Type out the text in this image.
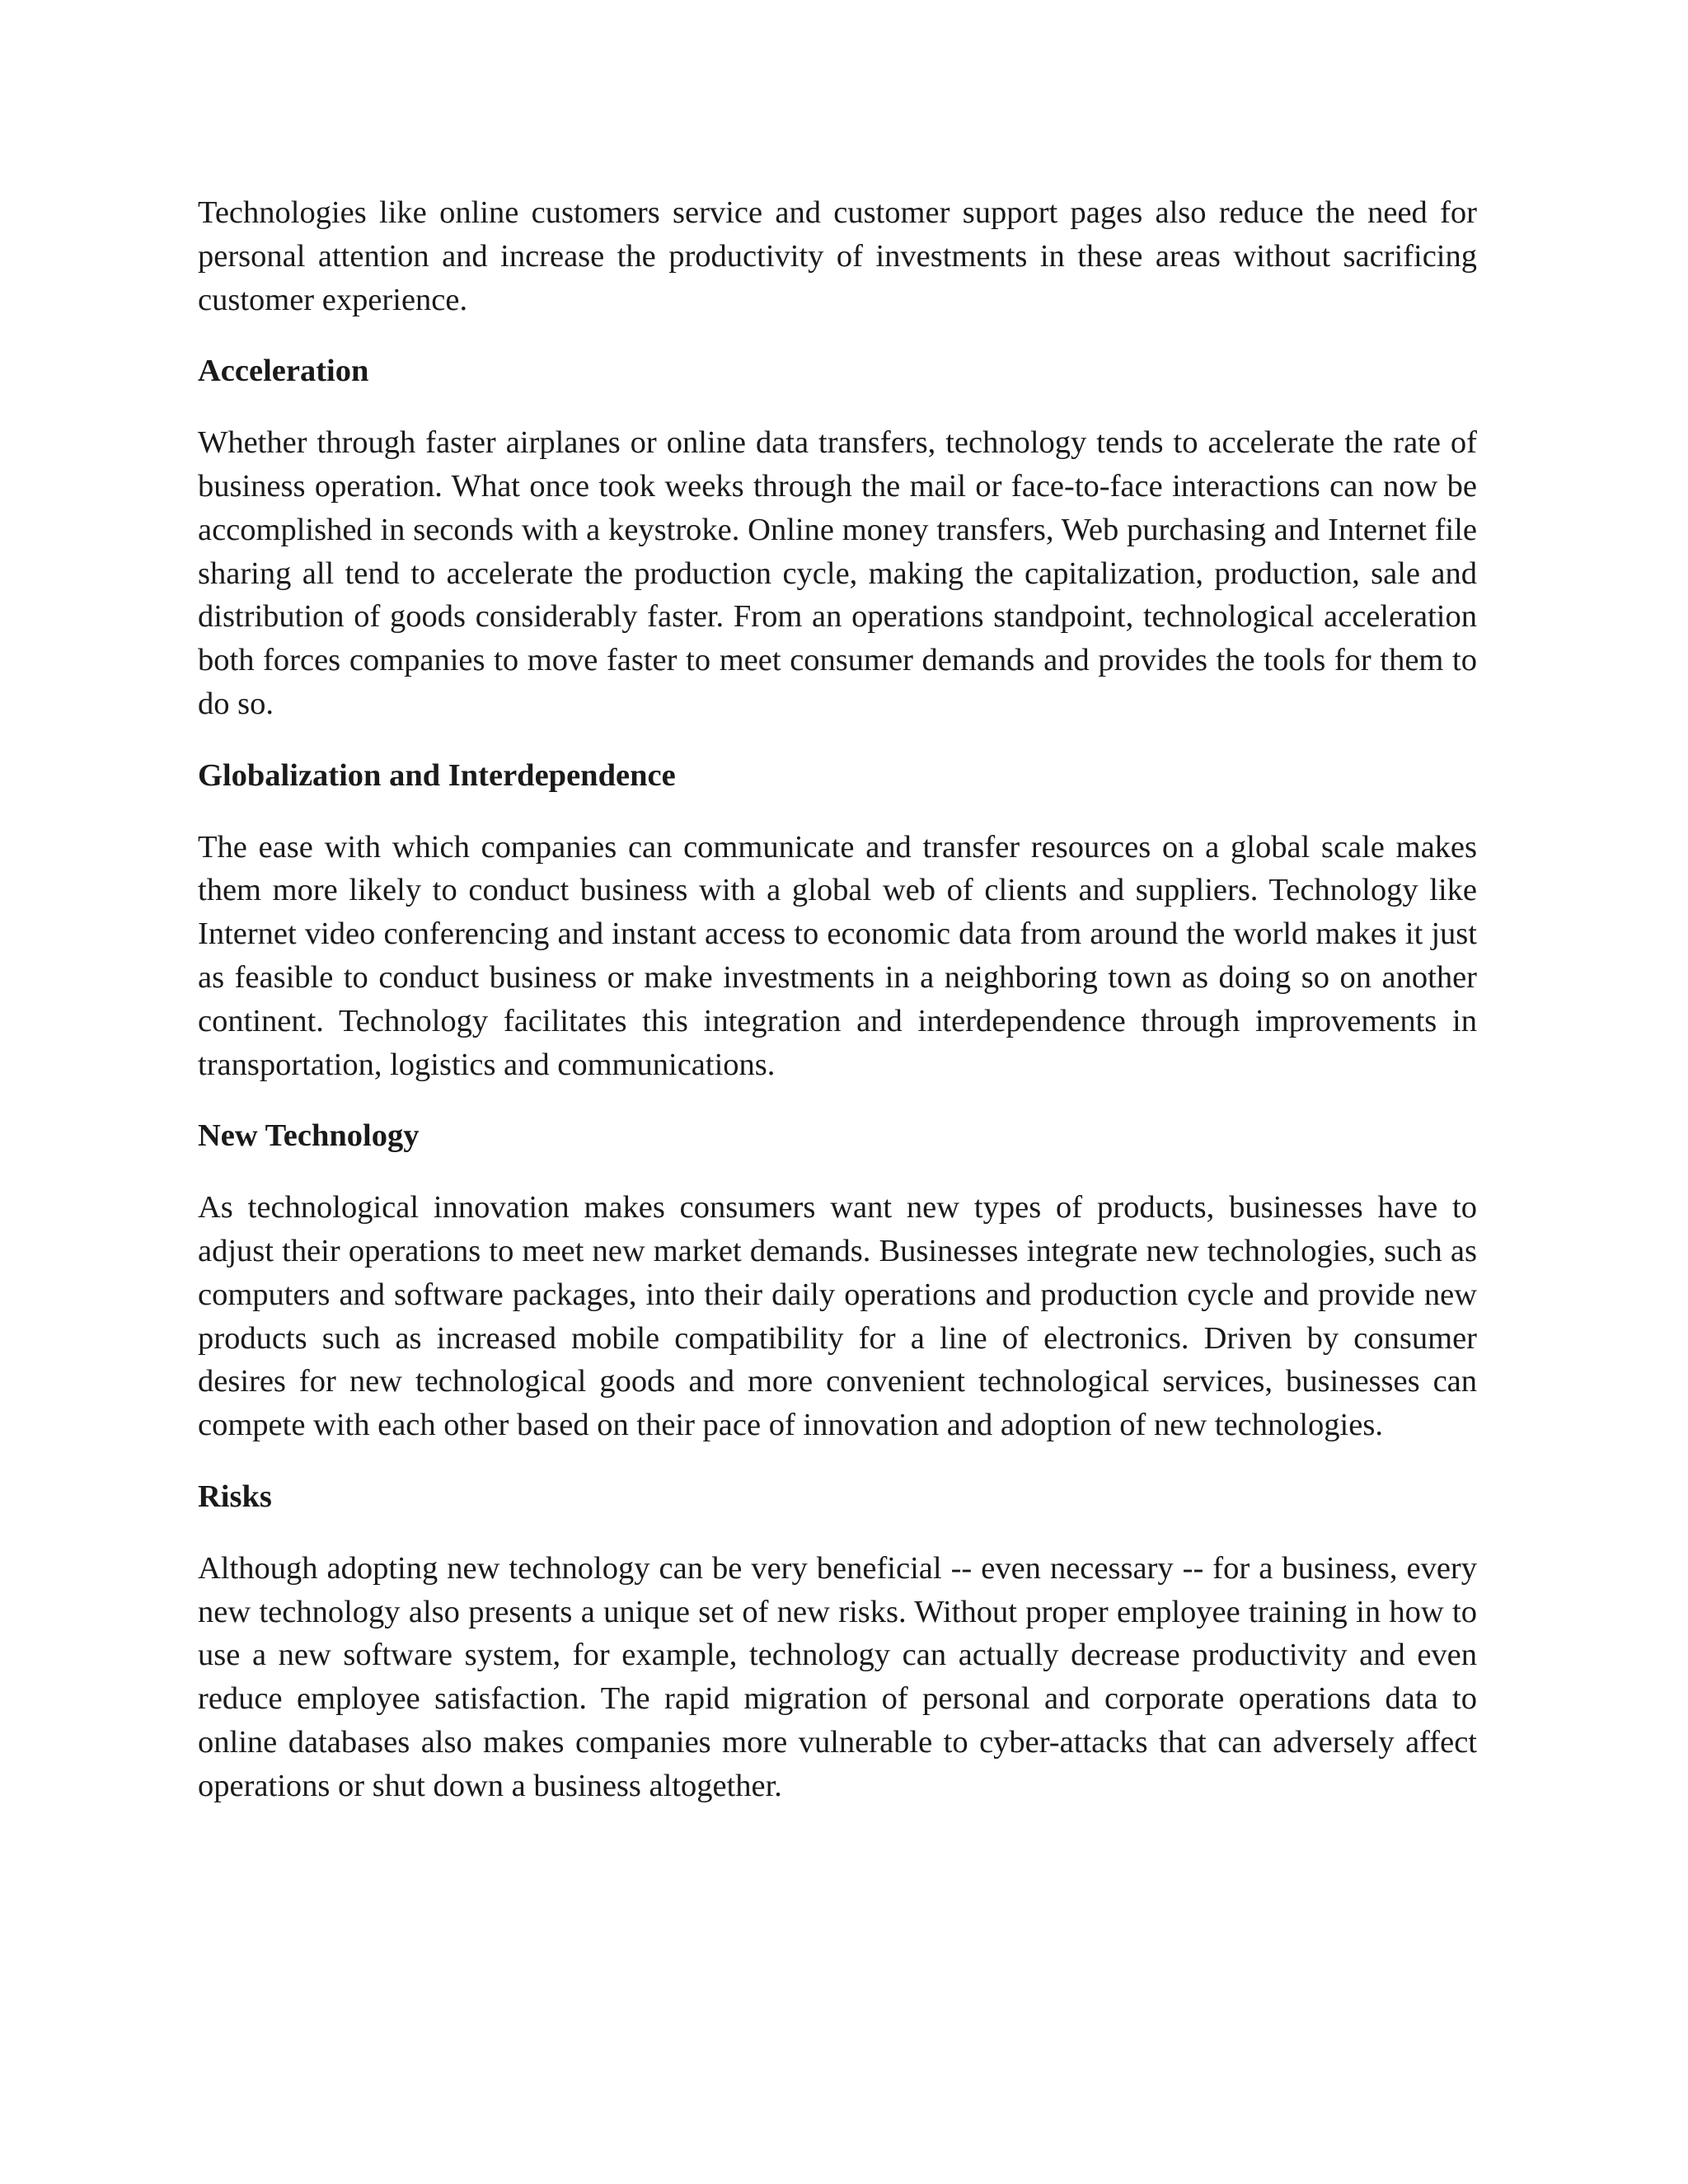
Technologies like online customers service and customer support pages also reduce the need for personal attention and increase the productivity of investments in these areas without sacrificing customer experience.

Acceleration

Whether through faster airplanes or online data transfers, technology tends to accelerate the rate of business operation. What once took weeks through the mail or face-to-face interactions can now be accomplished in seconds with a keystroke. Online money transfers, Web purchasing and Internet file sharing all tend to accelerate the production cycle, making the capitalization, production, sale and distribution of goods considerably faster. From an operations standpoint, technological acceleration both forces companies to move faster to meet consumer demands and provides the tools for them to do so.

Globalization and Interdependence

The ease with which companies can communicate and transfer resources on a global scale makes them more likely to conduct business with a global web of clients and suppliers. Technology like Internet video conferencing and instant access to economic data from around the world makes it just as feasible to conduct business or make investments in a neighboring town as doing so on another continent. Technology facilitates this integration and interdependence through improvements in transportation, logistics and communications.

New Technology

As technological innovation makes consumers want new types of products, businesses have to adjust their operations to meet new market demands. Businesses integrate new technologies, such as computers and software packages, into their daily operations and production cycle and provide new products such as increased mobile compatibility for a line of electronics. Driven by consumer desires for new technological goods and more convenient technological services, businesses can compete with each other based on their pace of innovation and adoption of new technologies.

Risks

Although adopting new technology can be very beneficial -- even necessary -- for a business, every new technology also presents a unique set of new risks. Without proper employee training in how to use a new software system, for example, technology can actually decrease productivity and even reduce employee satisfaction. The rapid migration of personal and corporate operations data to online databases also makes companies more vulnerable to cyber-attacks that can adversely affect operations or shut down a business altogether.
